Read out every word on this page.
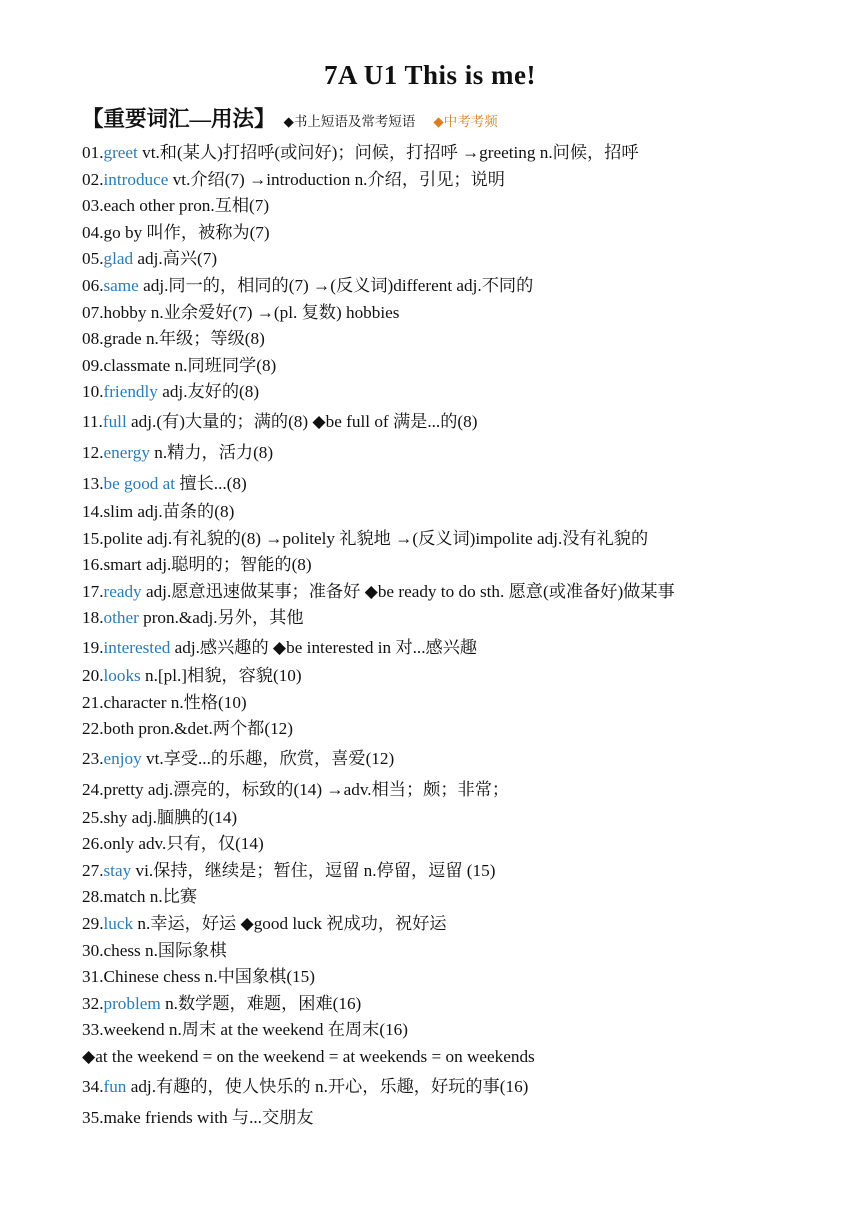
7A U1 This is me!
【重要词汇—用法】 ◆书上短语及常考短语 ◆中考考频
01.greet vt.和(某人)打招呼(或问好)；问候，打招呼 →greeting n.问候，招呼
02.introduce vt.介绍(7) →introduction n.介绍，引见；说明
03.each other pron.互相(7)
04.go by 叫作，被称为(7)
05.glad adj.高兴(7)
06.same adj.同一的，相同的(7) →(反义词)different adj.不同的
07.hobby n.业余爱好(7) →(pl. 复数) hobbies
08.grade n.年级；等级(8)
09.classmate n.同班同学(8)
10.friendly adj.友好的(8)
11.full adj.(有)大量的；满的(8) ◆be full of 满是...的(8)
12.energy n.精力，活力(8)
13.be good at 擅长...(8)
14.slim adj.苗条的(8)
15.polite adj.有礼貌的(8) →politely 礼貌地 →(反义词)impolite adj.没有礼貌的
16.smart adj.聪明的；智能的(8)
17.ready adj.愿意迅速做某事；准备好 ◆be ready to do sth. 愿意(或准备好)做某事
18.other pron.&adj.另外，其他
19.interested adj.感兴趣的 ◆be interested in 对...感兴趣
20.looks n.[pl.]相貌，容貌(10)
21.character n.性格(10)
22.both pron.&det.两个都(12)
23.enjoy vt.享受...的乐趣，欣赏，喜爱(12)
24.pretty adj.漂亮的，标致的(14) →adv.相当；颇；非常；
25.shy adj.腼腆的(14)
26.only adv.只有，仅(14)
27.stay vi.保持，继续是；暂住，逗留 n.停留，逗留 (15)
28.match n.比赛
29.luck n.幸运，好运 ◆good luck 祝成功，祝好运
30.chess n.国际象棋
31.Chinese chess n.中国象棋(15)
32.problem n.数学题，难题，困难(16)
33.weekend n.周末 at the weekend 在周末(16)
◆at the weekend = on the weekend = at weekends = on weekends
34.fun adj.有趣的，使人快乐的 n.开心，乐趣，好玩的事(16)
35.make friends with 与...交朋友
